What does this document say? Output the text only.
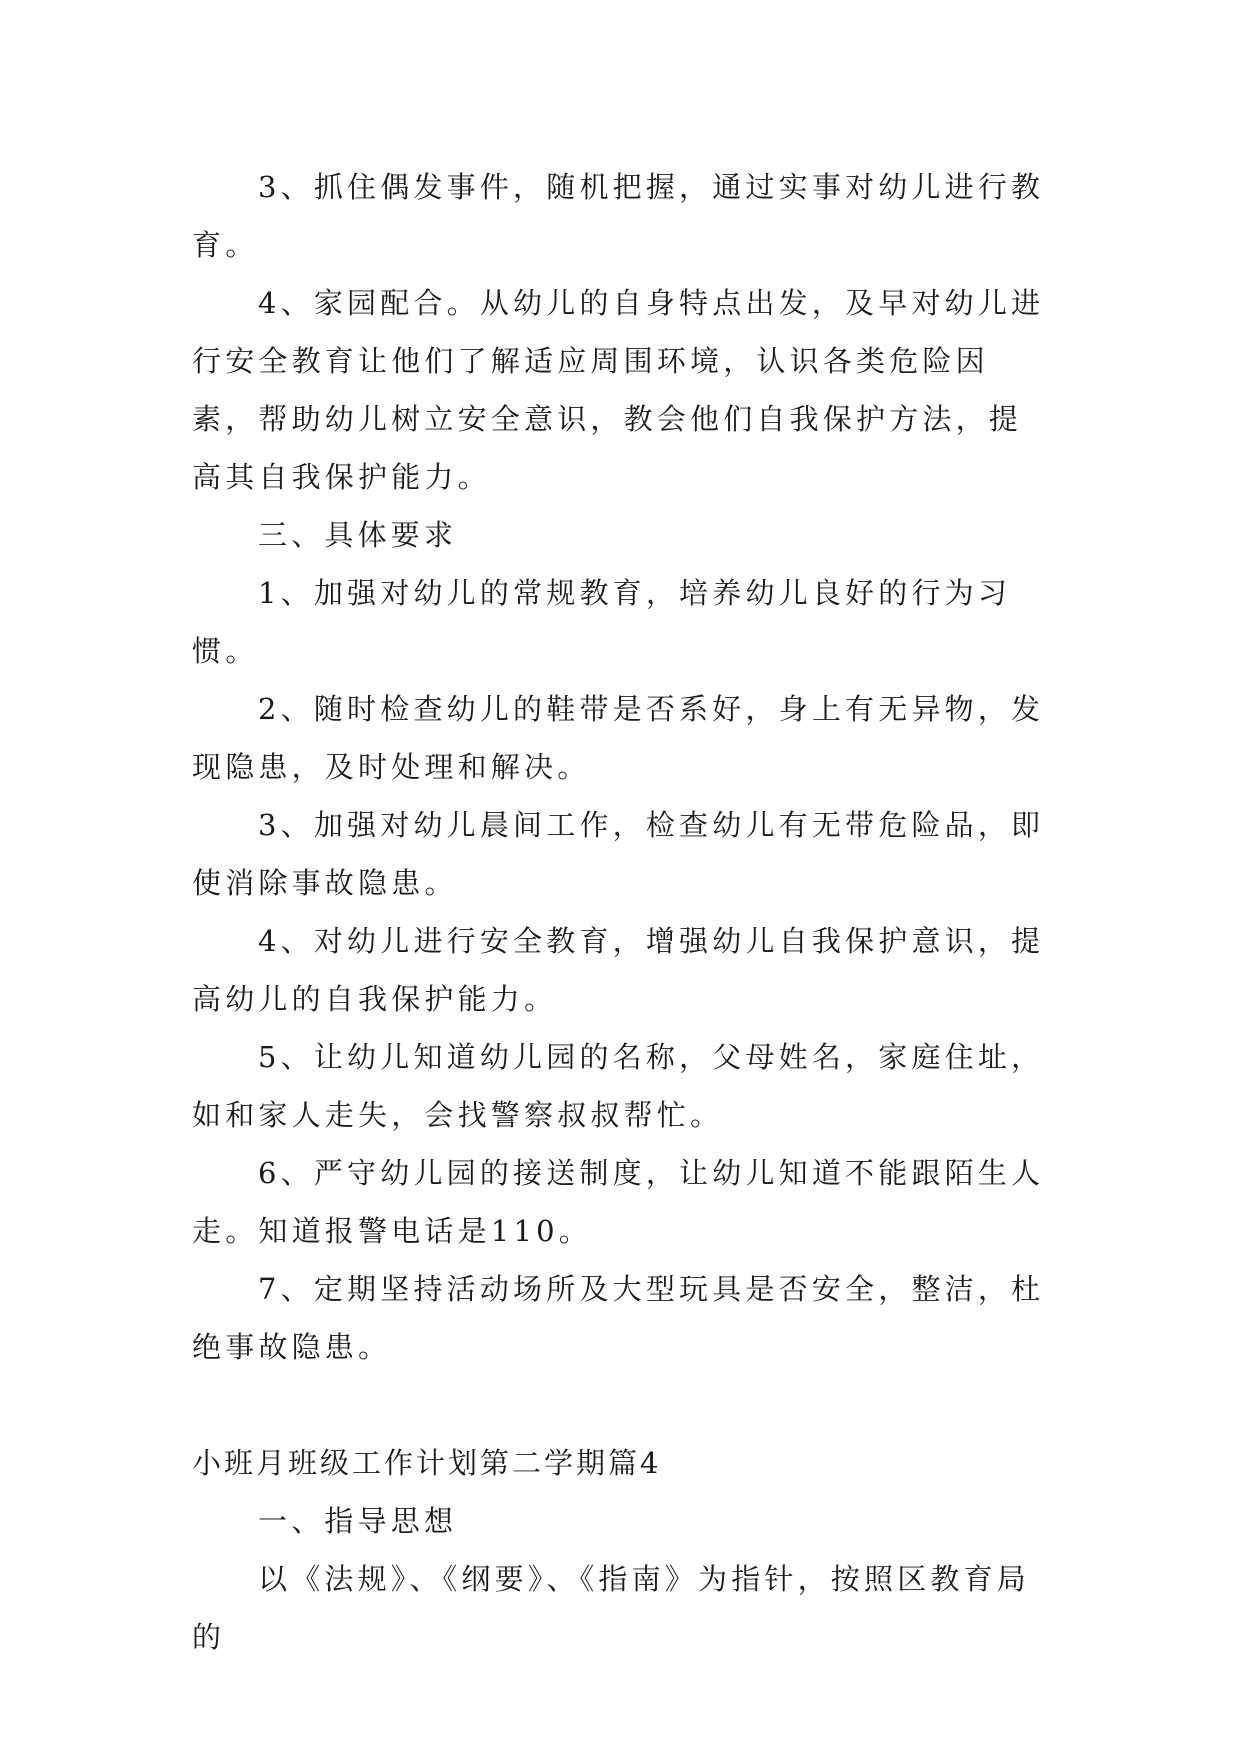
3、抓住偶发事件，随机把握，通过实事对幼儿进行教育。

4、家园配合。从幼儿的自身特点出发，及早对幼儿进行安全教育让他们了解适应周围环境，认识各类危险因素，帮助幼儿树立安全意识，教会他们自我保护方法，提高其自我保护能力。

三、具体要求

1、加强对幼儿的常规教育，培养幼儿良好的行为习惯。

2、随时检查幼儿的鞋带是否系好，身上有无异物，发现隐患，及时处理和解决。

3、加强对幼儿晨间工作，检查幼儿有无带危险品，即使消除事故隐患。

4、对幼儿进行安全教育，增强幼儿自我保护意识，提高幼儿的自我保护能力。

5、让幼儿知道幼儿园的名称，父母姓名，家庭住址，如和家人走失，会找警察叔叔帮忙。

6、严守幼儿园的接送制度，让幼儿知道不能跟陌生人走。知道报警电话是110。

7、定期坚持活动场所及大型玩具是否安全，整洁，杜绝事故隐患。

小班月班级工作计划第二学期篇4

一、指导思想

以《法规》、《纲要》、《指南》为指针，按照区教育局的
